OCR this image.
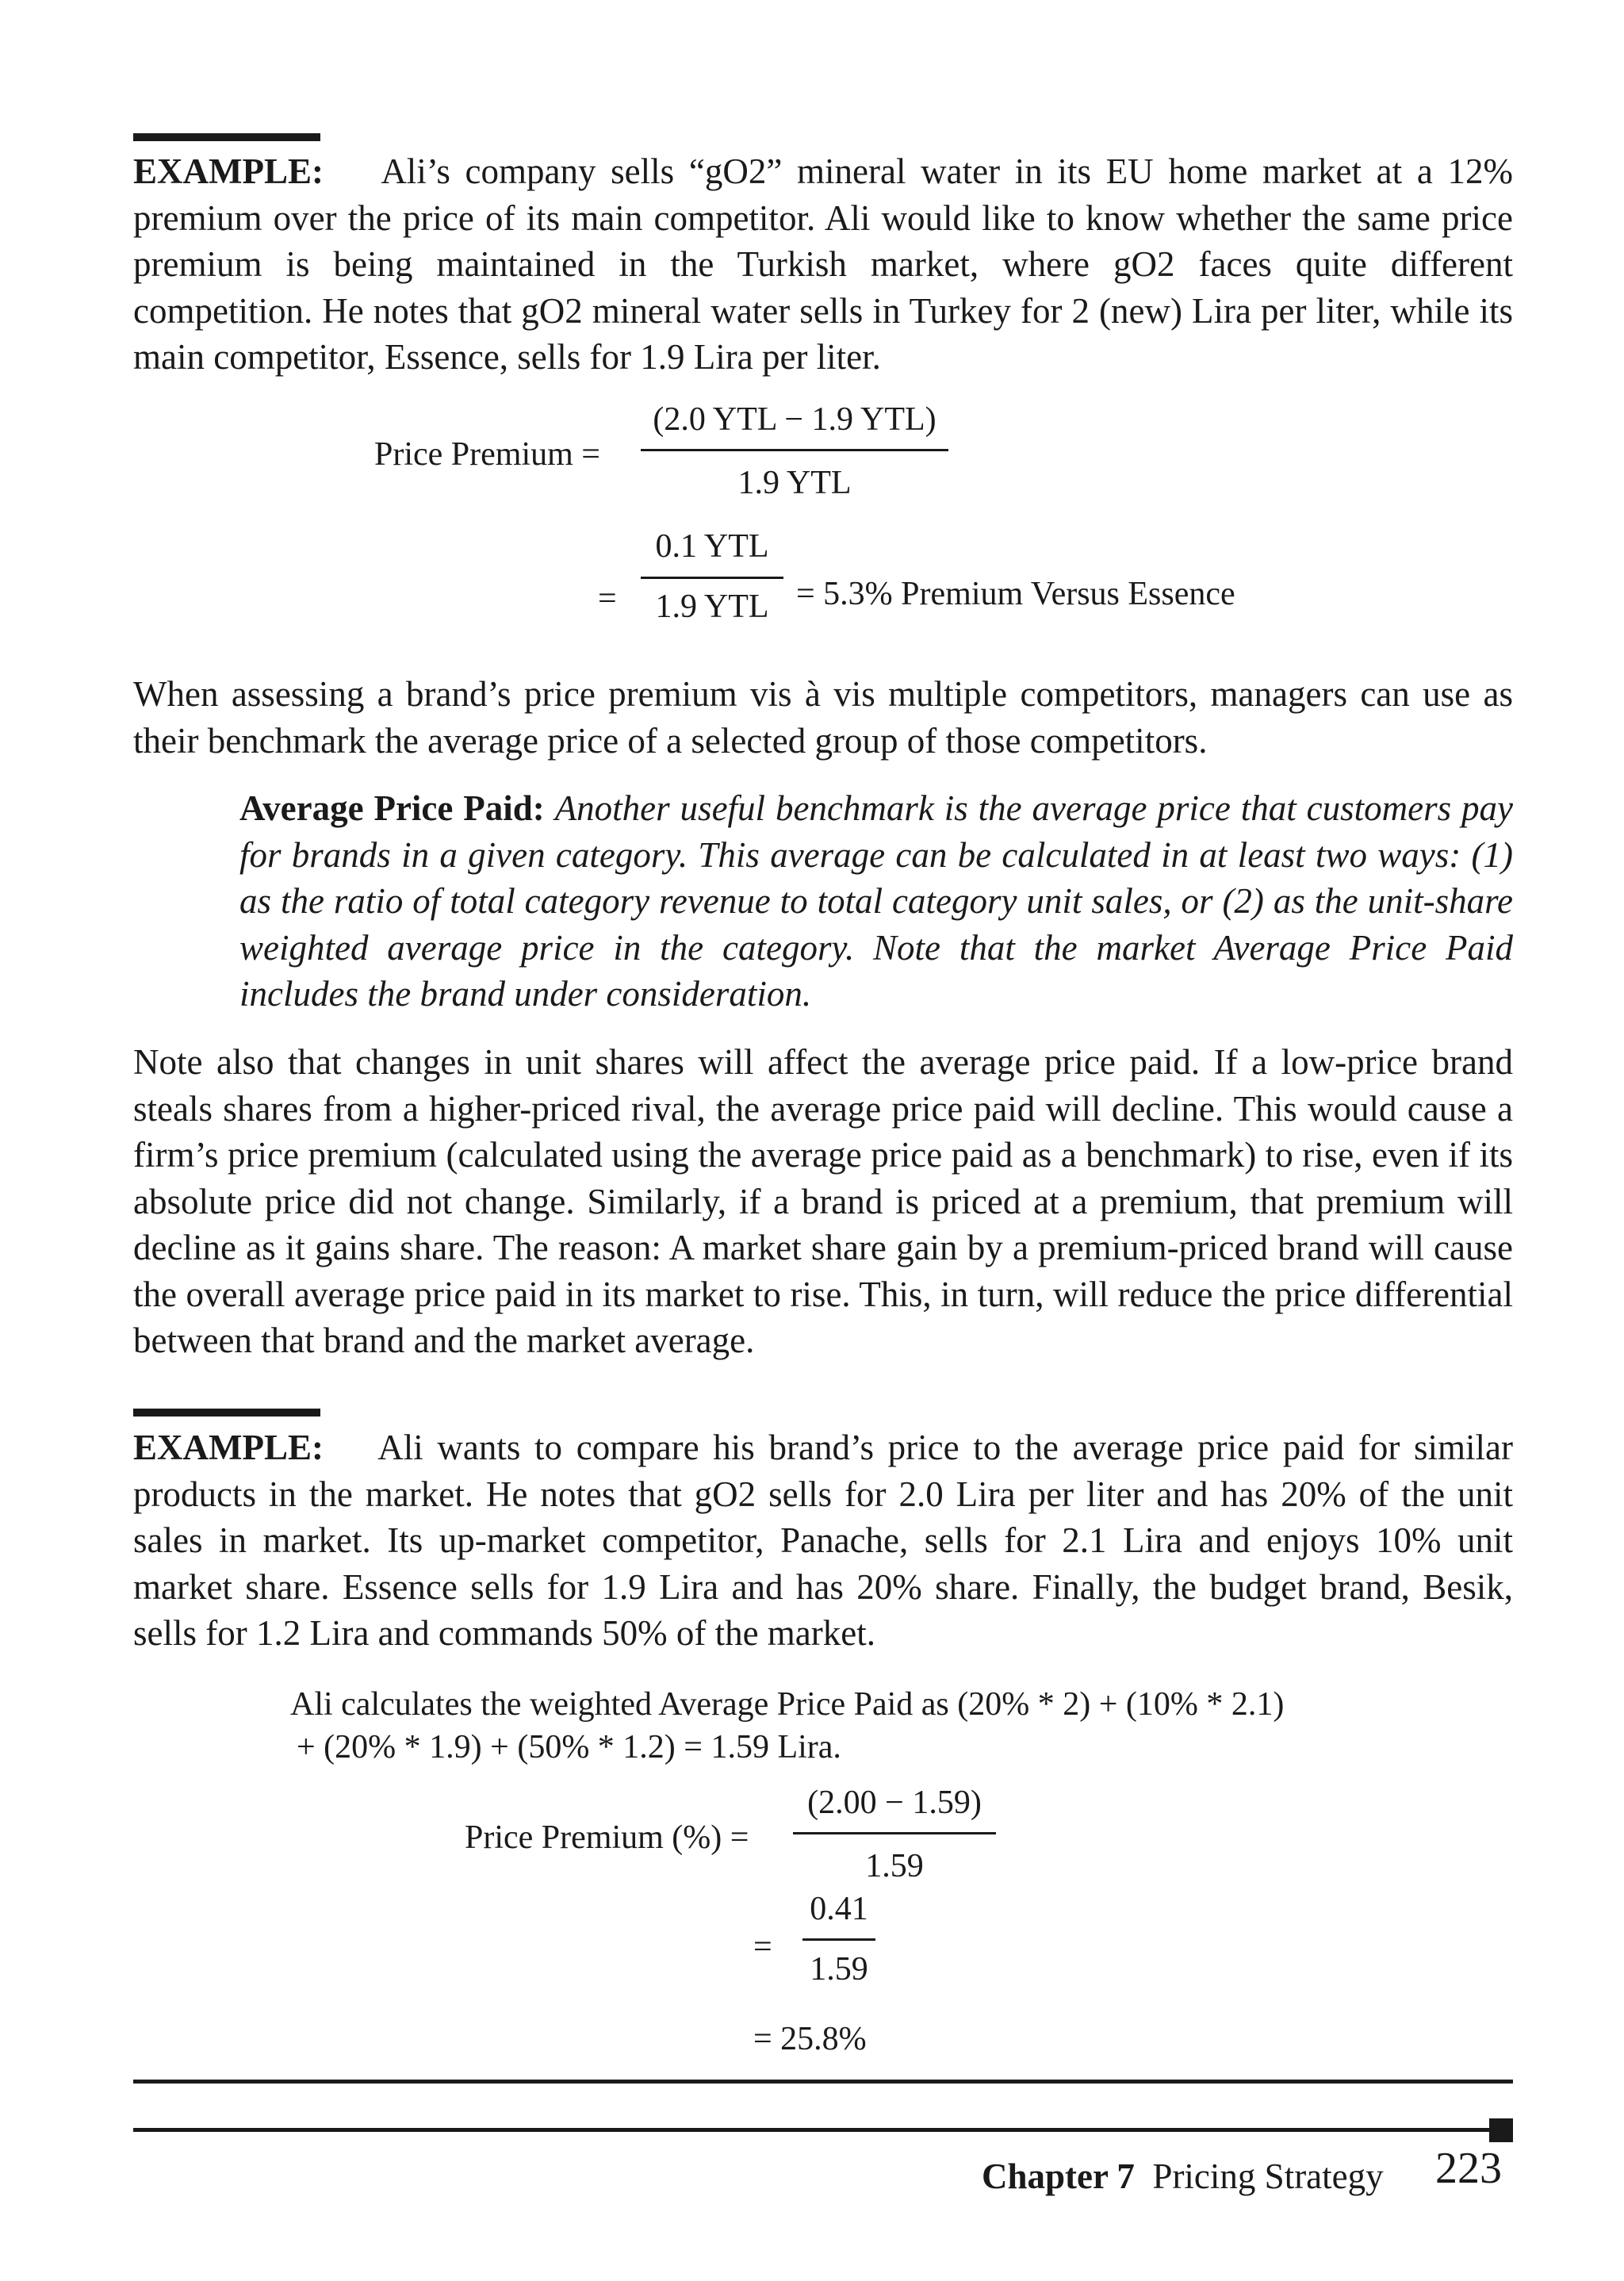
EXAMPLE: Ali’s company sells “gO2” mineral water in its EU home market at a 12% premium over the price of its main competitor. Ali would like to know whether the same price premium is being maintained in the Turkish market, where gO2 faces quite different competition. He notes that gO2 mineral water sells in Turkey for 2 (new) Lira per liter, while its main competitor, Essence, sells for 1.9 Lira per liter.

Price Premium =
(2.0 YTL − 1.9 YTL)
1.9 YTL
=
0.1 YTL
1.9 YTL = 5.3% Premium Versus Essence

When assessing a brand’s price premium vis à vis multiple competitors, managers can use as their benchmark the average price of a selected group of those competitors.

Average Price Paid: Another useful benchmark is the average price that customers pay for brands in a given category. This average can be calculated in at least two ways: (1) as the ratio of total category revenue to total category unit sales, or (2) as the unit-share weighted average price in the category. Note that the market Average Price Paid includes the brand under consideration.

Note also that changes in unit shares will affect the average price paid. If a low-price brand steals shares from a higher-priced rival, the average price paid will decline. This would cause a firm’s price premium (calculated using the average price paid as a benchmark) to rise, even if its absolute price did not change. Similarly, if a brand is priced at a premium, that premium will decline as it gains share. The reason: A market share gain by a premium-priced brand will cause the overall average price paid in its market to rise. This, in turn, will reduce the price differential between that brand and the market average.

EXAMPLE: Ali wants to compare his brand’s price to the average price paid for similar products in the market. He notes that gO2 sells for 2.0 Lira per liter and has 20% of the unit sales in market. Its up-market competitor, Panache, sells for 2.1 Lira and enjoys 10% unit market share. Essence sells for 1.9 Lira and has 20% share. Finally, the budget brand, Besik, sells for 1.2 Lira and commands 50% of the market.

Ali calculates the weighted Average Price Paid as (20% * 2) + (10% * 2.1)
+ (20% * 1.9) + (50% * 1.2) = 1.59 Lira.
Price Premium (%) =
(2.00 − 1.59)
1.59
=
0.41
1.59
= 25.8%
Chapter 7 Pricing Strategy 223
